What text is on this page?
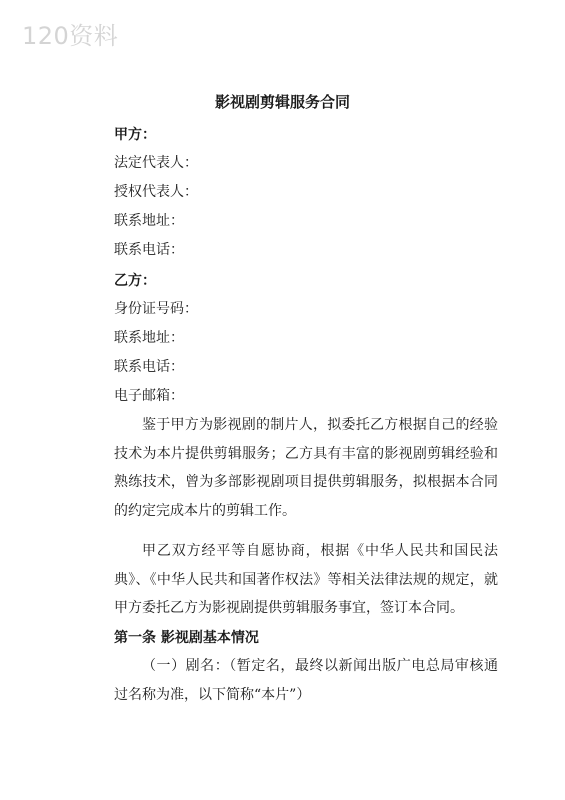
120资料
影视剧剪辑服务合同
甲方：
法定代表人：
授权代表人：
联系地址：
联系电话：
乙方：
身份证号码：
联系地址：
联系电话：
电子邮箱：
鉴于甲方为影视剧的制片人，拟委托乙方根据自己的经验技术为本片提供剪辑服务；乙方具有丰富的影视剧剪辑经验和熟练技术，曾为多部影视剧项目提供剪辑服务，拟根据本合同的约定完成本片的剪辑工作。
甲乙双方经平等自愿协商，根据《中华人民共和国民法典》、《中华人民共和国著作权法》等相关法律法规的规定，就甲方委托乙方为影视剧提供剪辑服务事宜，签订本合同。
第一条 影视剧基本情况
（一）剧名：（暂定名，最终以新闻出版广电总局审核通过名称为准，以下简称“本片”）
